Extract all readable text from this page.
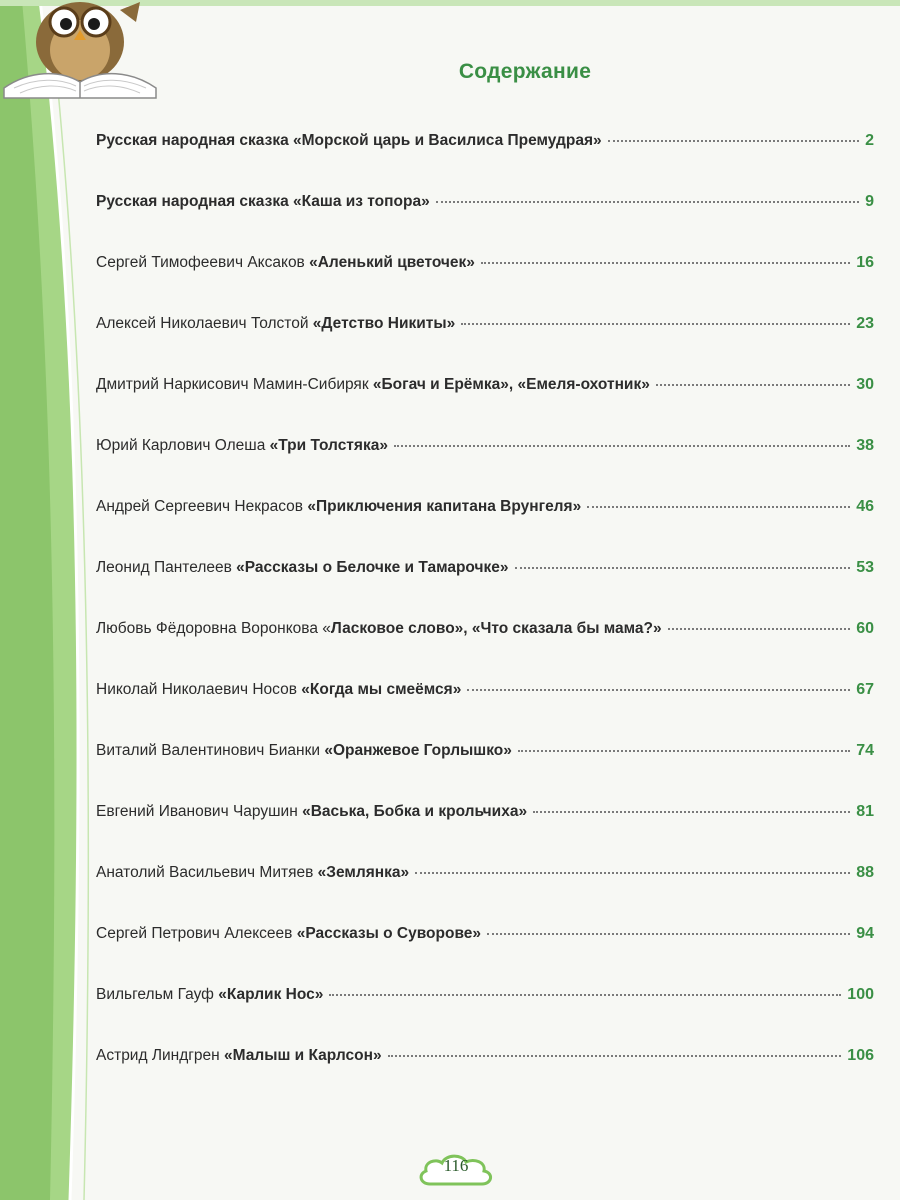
Содержание
Русская народная сказка «Морской царь и Василиса Премудрая»	2
Русская народная сказка «Каша из топора»	9
Сергей Тимофеевич Аксаков «Аленький цветочек»	16
Алексей Николаевич Толстой «Детство Никиты»	23
Дмитрий Наркисович Мамин-Сибиряк «Богач и Ерёмка», «Емеля-охотник»	30
Юрий Карлович Олеша «Три Толстяка»	38
Андрей Сергеевич Некрасов «Приключения капитана Врунгеля»	46
Леонид Пантелеев «Рассказы о Белочке и Тамарочке»	53
Любовь Фёдоровна Воронкова «Ласковое слово», «Что сказала бы мама?»	60
Николай Николаевич Носов «Когда мы смеёмся»	67
Виталий Валентинович Бианки «Оранжевое Горлышко»	74
Евгений Иванович Чарушин «Васька, Бобка и крольчиха»	81
Анатолий Васильевич Митяев «Землянка»	88
Сергей Петрович Алексеев «Рассказы о Суворове»	94
Вильгельм Гауф «Карлик Нос»	100
Астрид Линдгрен «Малыш и Карлсон»	106
116
